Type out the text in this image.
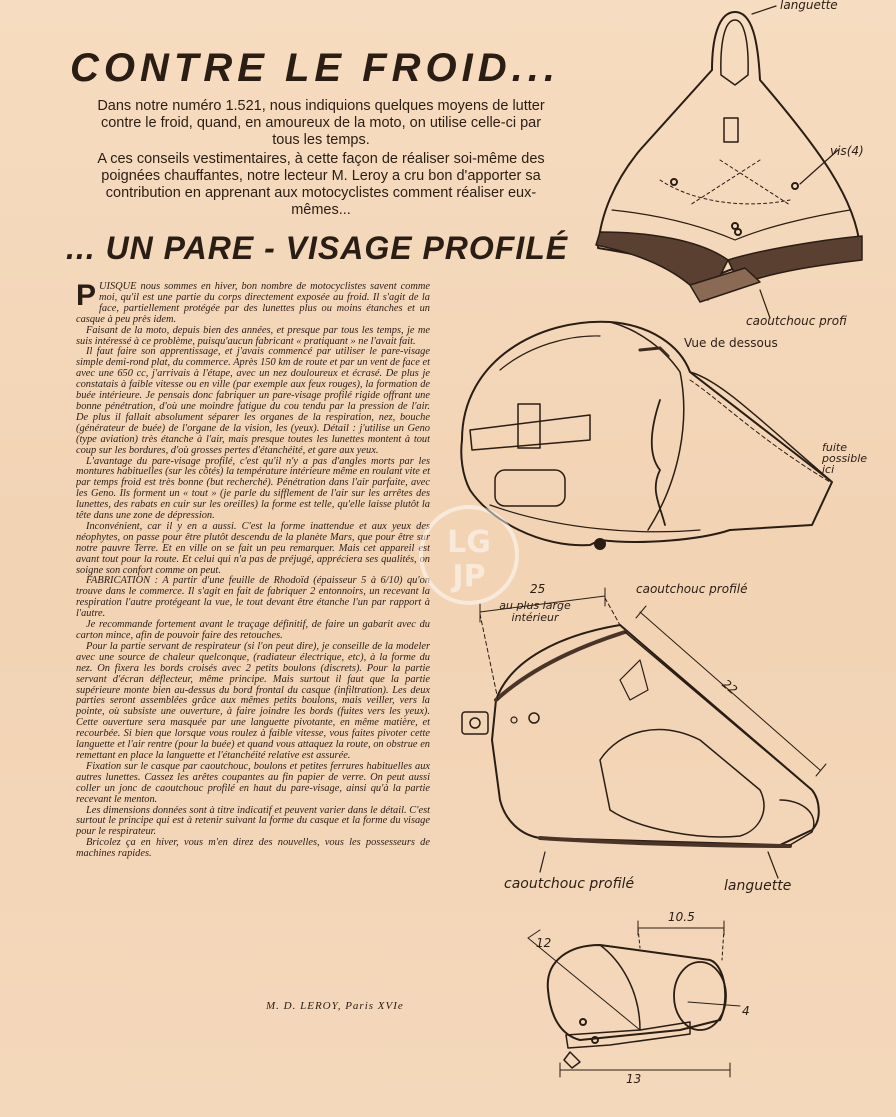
CONTRE LE FROID...

Dans notre numéro 1.521, nous indiquions quelques moyens de lutter contre le froid, quand, en amoureux de la moto, on utilise celle-ci par tous les temps.

A ces conseils vestimentaires, à cette façon de réaliser soi-même des poignées chauffantes, notre lecteur M. Leroy a cru bon d'apporter sa contribution en apprenant aux motocyclistes comment réaliser eux-mêmes...

... UN PARE - VISAGE PROFILÉ

PUISQUE nous sommes en hiver, bon nombre de motocyclistes savent comme moi, qu'il est une partie du corps directement exposée au froid. Il s'agit de la face, partiellement protégée par des lunettes plus ou moins étanches et un casque à peu près idem.

Faisant de la moto, depuis bien des années, et presque par tous les temps, je me suis intéressé à ce problème, puisqu'aucun fabricant « pratiquant » ne l'avait fait.

Il faut faire son apprentissage, et j'avais commencé par utiliser le pare-visage simple demi-rond plat, du commerce. Après 150 km de route et par un vent de face et avec une 650 cc, j'arrivais à l'étape, avec un nez douloureux et écrasé. De plus je constatais à faible vitesse ou en ville (par exemple aux feux rouges), la formation de buée intérieure. Je pensais donc fabriquer un pare-visage profilé rigide offrant une bonne pénétration, d'où une moindre fatigue du cou tendu par la pression de l'air. De plus il fallait absolument séparer les organes de la respiration, nez, bouche (générateur de buée) de l'organe de la vision, les (yeux). Détail : j'utilise un Geno (type aviation) très étanche à l'air, mais presque toutes les lunettes montent à tout coup sur les bordures, d'où grosses pertes d'étanchéité, et gare aux yeux.

L'avantage du pare-visage profilé, c'est qu'il n'y a pas d'angles morts par les montures habituelles (sur les côtés) la température intérieure même en roulant vite et par temps froid est très bonne (but recherché). Pénétration dans l'air parfaite, avec les Geno. Ils forment un « tout » (je parle du sifflement de l'air sur les arrêtes des lunettes, des rabats en cuir sur les oreilles) la forme est telle, qu'elle laisse plutôt la tête dans une zone de dépression.

Inconvénient, car il y en a aussi. C'est la forme inattendue et aux yeux des néophytes, on passe pour être plutôt descendu de la planète Mars, que pour être sur notre pauvre Terre. Et en ville on se fait un peu remarquer. Mais cet appareil est avant tout pour la route. Et celui qui n'a pas de préjugé, appréciera ses qualités, on soigne son confort comme on peut.

FABRICATION : A partir d'une feuille de Rhodoïd (épaisseur 5 à 6/10) qu'on trouve dans le commerce. Il s'agit en fait de fabriquer 2 entonnoirs, un recevant la respiration l'autre protégeant la vue, le tout devant être étanche l'un par rapport à l'autre.

Je recommande fortement avant le traçage définitif, de faire un gabarit avec du carton mince, afin de pouvoir faire des retouches.

Pour la partie servant de respirateur (si l'on peut dire), je conseille de la modeler avec une source de chaleur quelconque, (radiateur électrique, etc), à la forme du nez. On fixera les bords croisés avec 2 petits boulons (discrets). Pour la partie servant d'écran déflecteur, même principe. Mais surtout il faut que la partie supérieure monte bien au-dessus du bord frontal du casque (infiltration). Les deux parties seront assemblées grâce aux mêmes petits boulons, mais veiller, vers la pointe, où subsiste une ouverture, à faire joindre les bords (fuites vers les yeux). Cette ouverture sera masquée par une languette pivotante, en même matière, et recourbée. Si bien que lorsque vous roulez à faible vitesse, vous faites pivoter cette languette et l'air rentre (pour la buée) et quand vous attaquez la route, on obstrue en remettant en place la languette et l'étanchéité relative est assurée.

Fixation sur le casque par caoutchouc, boulons et petites ferrures habituelles aux autres lunettes. Cassez les arêtes coupantes au fin papier de verre. On peut aussi coller un jonc de caoutchouc profilé en haut du pare-visage, ainsi qu'à la partie recevant le menton.

Les dimensions données sont à titre indicatif et peuvent varier dans le détail. C'est surtout le principe qui est à retenir suivant la forme du casque et la forme du visage pour le respirateur.

Bricolez ça en hiver, vous m'en direz des nouvelles, vous les possesseurs de machines rapides.

M. D. LEROY, Paris XVIe

languette

vis(4)

caoutchouc profi

Vue de dessous

fuite possible ici

25

au plus large intérieur

caoutchouc profilé

22

caoutchouc profilé	languette

10.5

12

4

13

LG
JP
